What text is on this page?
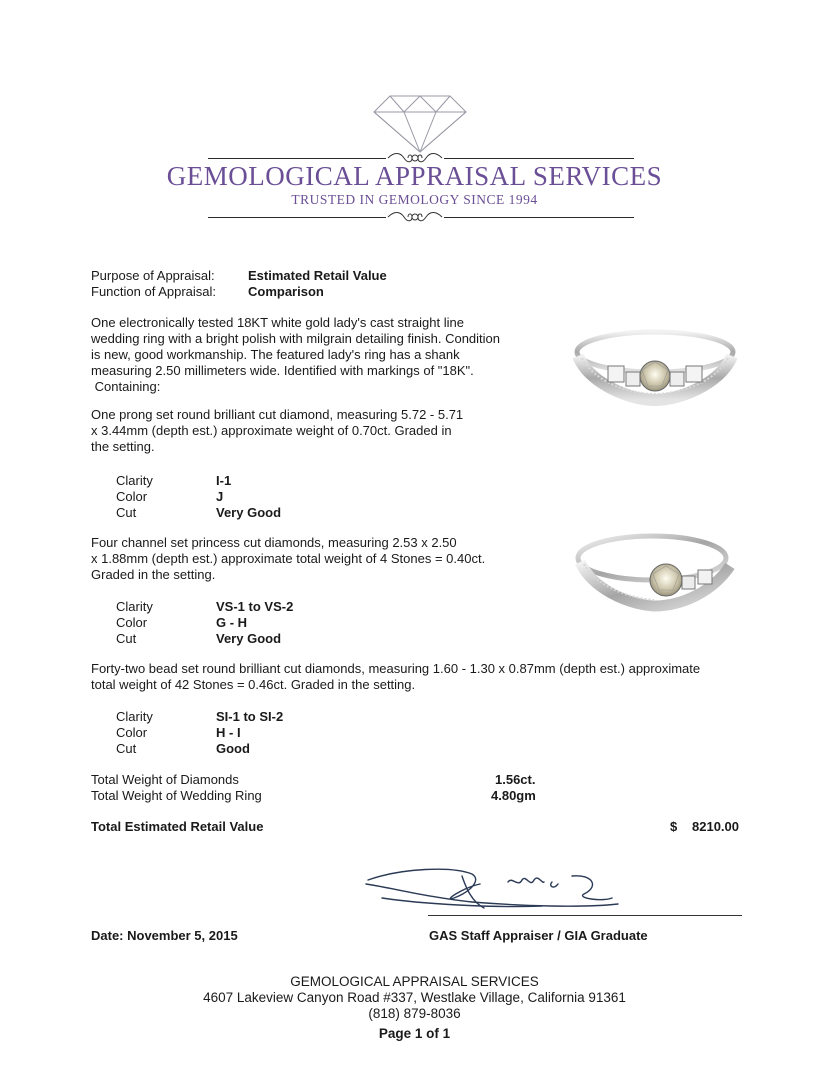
GEMOLOGICAL APPRAISAL SERVICES
TRUSTED IN GEMOLOGY SINCE 1994
Purpose of Appraisal:	Estimated Retail Value
Function of Appraisal: Comparison
One electronically tested 18KT white gold lady's cast straight line
wedding ring with a bright polish with milgrain detailing finish. Condition
is new, good workmanship. The featured lady's ring has a shank
measuring 2.50 millimeters wide. Identified with markings of "18K".
Containing:
One prong set round brilliant cut diamond, measuring 5.72 - 5.71
x 3.44mm (depth est.) approximate weight of 0.70ct. Graded in
the setting.
Clarity	I-1
Color	J
Cut	Very Good
Four channel set princess cut diamonds, measuring 2.53 x 2.50
x 1.88mm (depth est.) approximate total weight of 4 Stones = 0.40ct.
Graded in the setting.
Clarity	VS-1 to VS-2
Color	G - H
Cut	Very Good
Forty-two bead set round brilliant cut diamonds, measuring 1.60 - 1.30 x 0.87mm (depth est.) approximate
total weight of 42 Stones = 0.46ct. Graded in the setting.
Clarity	SI-1 to SI-2
Color	H - I
Cut	Good
Total Weight of Diamonds	1.56ct.
Total Weight of Wedding Ring	4.80gm
Total Estimated Retail Value	$ 8210.00
Date: November 5, 2015	GAS Staff Appraiser / GIA Graduate
GEMOLOGICAL APPRAISAL SERVICES
4607 Lakeview Canyon Road #337, Westlake Village, California 91361
(818) 879-8036
Page 1 of 1
